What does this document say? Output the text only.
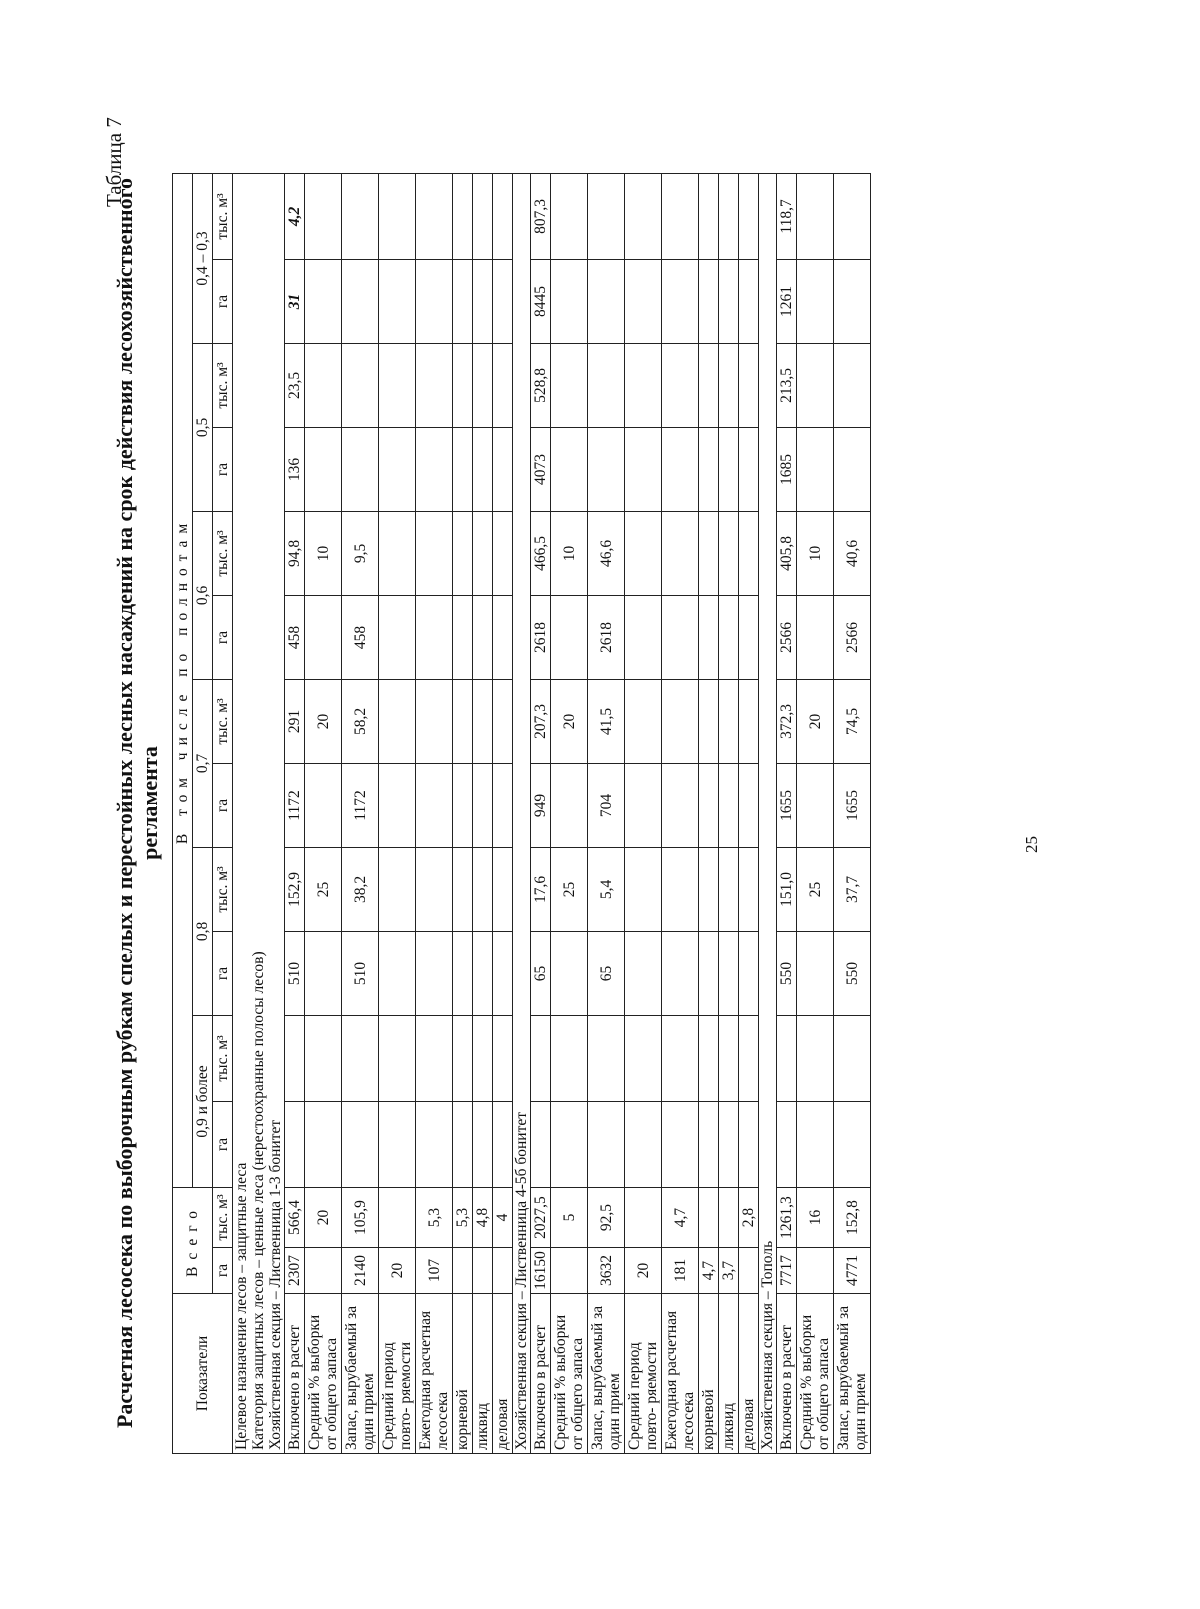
Таблица 7
Расчетная лесосека по выборочным рубкам спелых и перестойных лесных насаждений на срок действия лесохозяйственного регламента
Показатели	Всего		В том числе по полнотам											
			0,9 и более		0,8		0,7		0,6		0,5		0,4 – 0,3	
	га	тыс. м³	га	тыс. м³	га	тыс. м³	га	тыс. м³	га	тыс. м³	га	тыс. м³	га	тыс. м³
Целевое назначение лесов – защитные леса														
Категория защитных лесов – ценные леса (нерестоохранные полосы лесов)														
Хозяйственная секция – Лиственница 1-3 бонитет														
Включено в расчет	2307	566,4			510	152,9	1172	291	458	94,8	136	23,5	31	4,2
Средний % выборки от общего запаса		20				25		20		10				
Запас, вырубаемый за один прием	2140	105,9			510	38,2	1172	58,2	458	9,5				
Средний период повто- ряемости	20													
Ежегодная расчетная лесосека	107	5,3												
корневой		5,3												
ликвид		4,8												
деловая		4												
Хозяйственная секция – Лиственница 4-5б бонитет														
Включено в расчет	16150	2027,5			65	17,6	949	207,3	2618	466,5	4073	528,8	8445	807,3
Средний % выборки от общего запаса		5				25		20		10				
Запас, вырубаемый за один прием	3632	92,5			65	5,4	704	41,5	2618	46,6				
Средний период повто- ряемости	20													
Ежегодная расчетная лесосека	181	4,7												
корневой	4,7													
ликвид	3,7													
деловая		2,8												
Хозяйственная секция – Тополь														
Включено в расчет	7717	1261,3			550	151,0	1655	372,3	2566	405,8	1685	213,5	1261	118,7
Средний % выборки от общего запаса		16				25		20		10				
Запас, вырубаемый за один прием	4771	152,8			550	37,7	1655	74,5	2566	40,6				
25
